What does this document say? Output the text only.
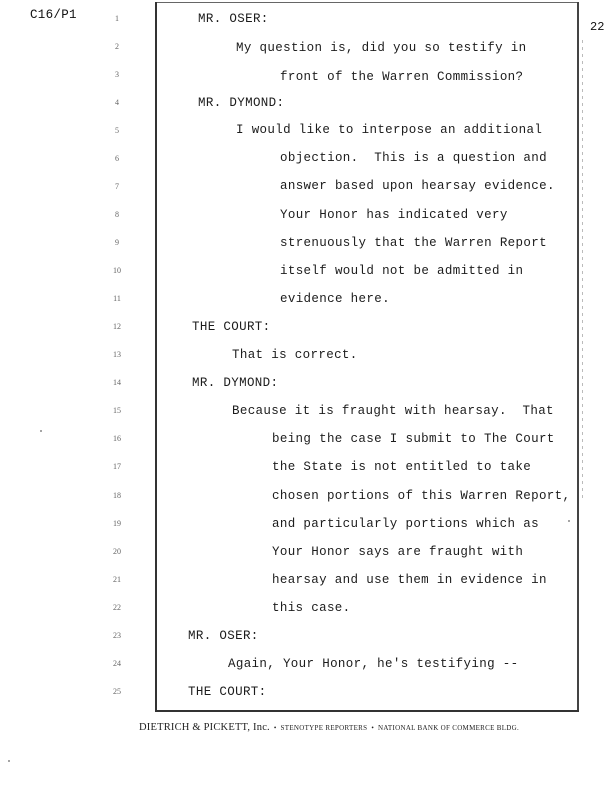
C16/P1
22
1
2
3
4
5
6
7
8
9
10
11
12
13
14
15
16
17
18
19
20
21
22
23
24
25
MR. OSER:
My question is, did you so testify in
front of the Warren Commission?
MR. DYMOND:
I would like to interpose an additional
objection.  This is a question and
answer based upon hearsay evidence.
Your Honor has indicated very
strenuously that the Warren Report
itself would not be admitted in
evidence here.
THE COURT:
That is correct.
MR. DYMOND:
Because it is fraught with hearsay.  That
being the case I submit to The Court
the State is not entitled to take
chosen portions of this Warren Report,
and particularly portions which as
Your Honor says are fraught with
hearsay and use them in evidence in
this case.
MR. OSER:
Again, Your Honor, he's testifying --
THE COURT:
DIETRICH & PICKETT, Inc. • STENOTYPE REPORTERS • NATIONAL BANK OF COMMERCE BLDG.
